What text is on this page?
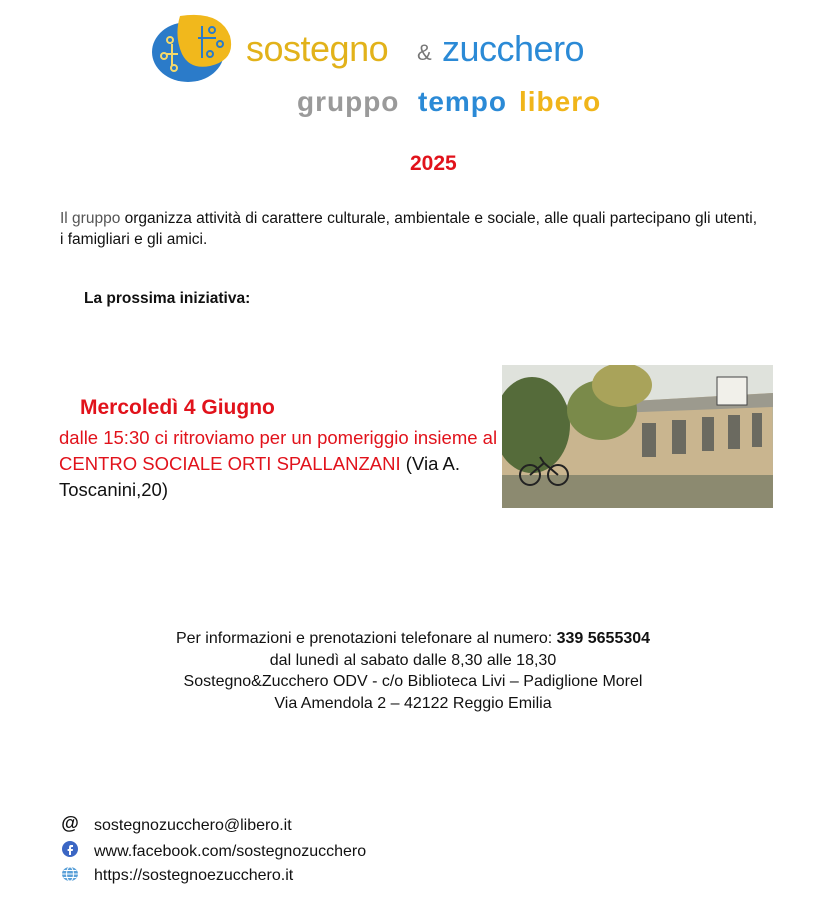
sostegno & zucchero
gruppo tempo libero
2025
Il gruppo organizza attività di carattere culturale, ambientale e sociale, alle quali partecipano gli utenti, i famigliari e gli amici.
La prossima iniziativa:
Mercoledì 4 Giugno
dalle 15:30 ci ritroviamo per un pomeriggio insieme al CENTRO SOCIALE ORTI SPALLANZANI (Via A. Toscanini,20)
Per informazioni e prenotazioni telefonare al numero: 339 5655304
dal lunedì al sabato dalle 8,30 alle 18,30
Sostegno&Zucchero ODV - c/o Biblioteca Livi – Padiglione Morel
Via Amendola 2 – 42122 Reggio Emilia
@ sostegnozucchero@libero.it
www.facebook.com/sostegnozucchero
https://sostegnoezucchero.it
